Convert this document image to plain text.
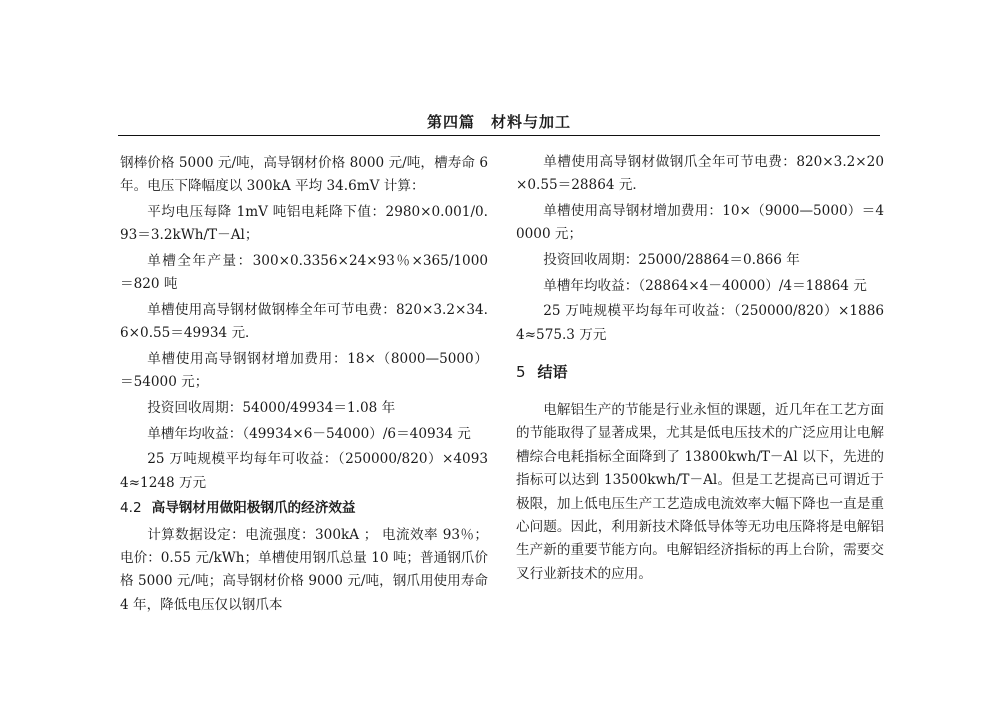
第四篇　材料与加工

钢棒价格 5000 元/吨，高导钢材价格 8000 元/吨，槽寿命 6 年。电压下降幅度以 300kA 平均 34.6mV 计算：

平均电压每降 1mV 吨铝电耗降下值：2980×0.001/0.93＝3.2kWh/T－Al；

单槽全年产量：300×0.3356×24×93％×365/1000＝820 吨

单槽使用高导钢材做钢棒全年可节电费：820×3.2×34.6×0.55＝49934 元．

单槽使用高导钢钢材增加费用：18×（8000—5000）＝54000 元；

投资回收周期：54000/49934＝1.08 年

单槽年均收益：（49934×6－54000）/6＝40934 元

25 万吨规模平均每年可收益：（250000/820）×40934≈1248 万元

4.2 高导钢材用做阳极钢爪的经济效益

计算数据设定：电流强度：300kA ； 电流效率 93％；电价：0.55 元/kWh；单槽使用钢爪总量 10 吨；普通钢爪价格 5000 元/吨；高导钢材价格 9000 元/吨，钢爪用使用寿命 4 年，降低电压仅以钢爪本

单槽使用高导钢材做钢爪全年可节电费：820×3.2×20×0.55＝28864 元．

单槽使用高导钢材增加费用：10×（9000—5000）＝40000 元；

投资回收周期：25000/28864＝0.866 年

单槽年均收益：（28864×4－40000）/4＝18864 元

25 万吨规模平均每年可收益：（250000/820）×18864≈575.3 万元

5 结语

电解铝生产的节能是行业永恒的课题，近几年在工艺方面的节能取得了显著成果，尤其是低电压技术的广泛应用让电解槽综合电耗指标全面降到了 13800kwh/T－Al 以下，先进的指标可以达到 13500kwh/T－Al。但是工艺提高已可谓近于极限，加上低电压生产工艺造成电流效率大幅下降也一直是重心问题。因此，利用新技术降低导体等无功电压降将是电解铝生产新的重要节能方向。电解铝经济指标的再上台阶，需要交叉行业新技术的应用。
